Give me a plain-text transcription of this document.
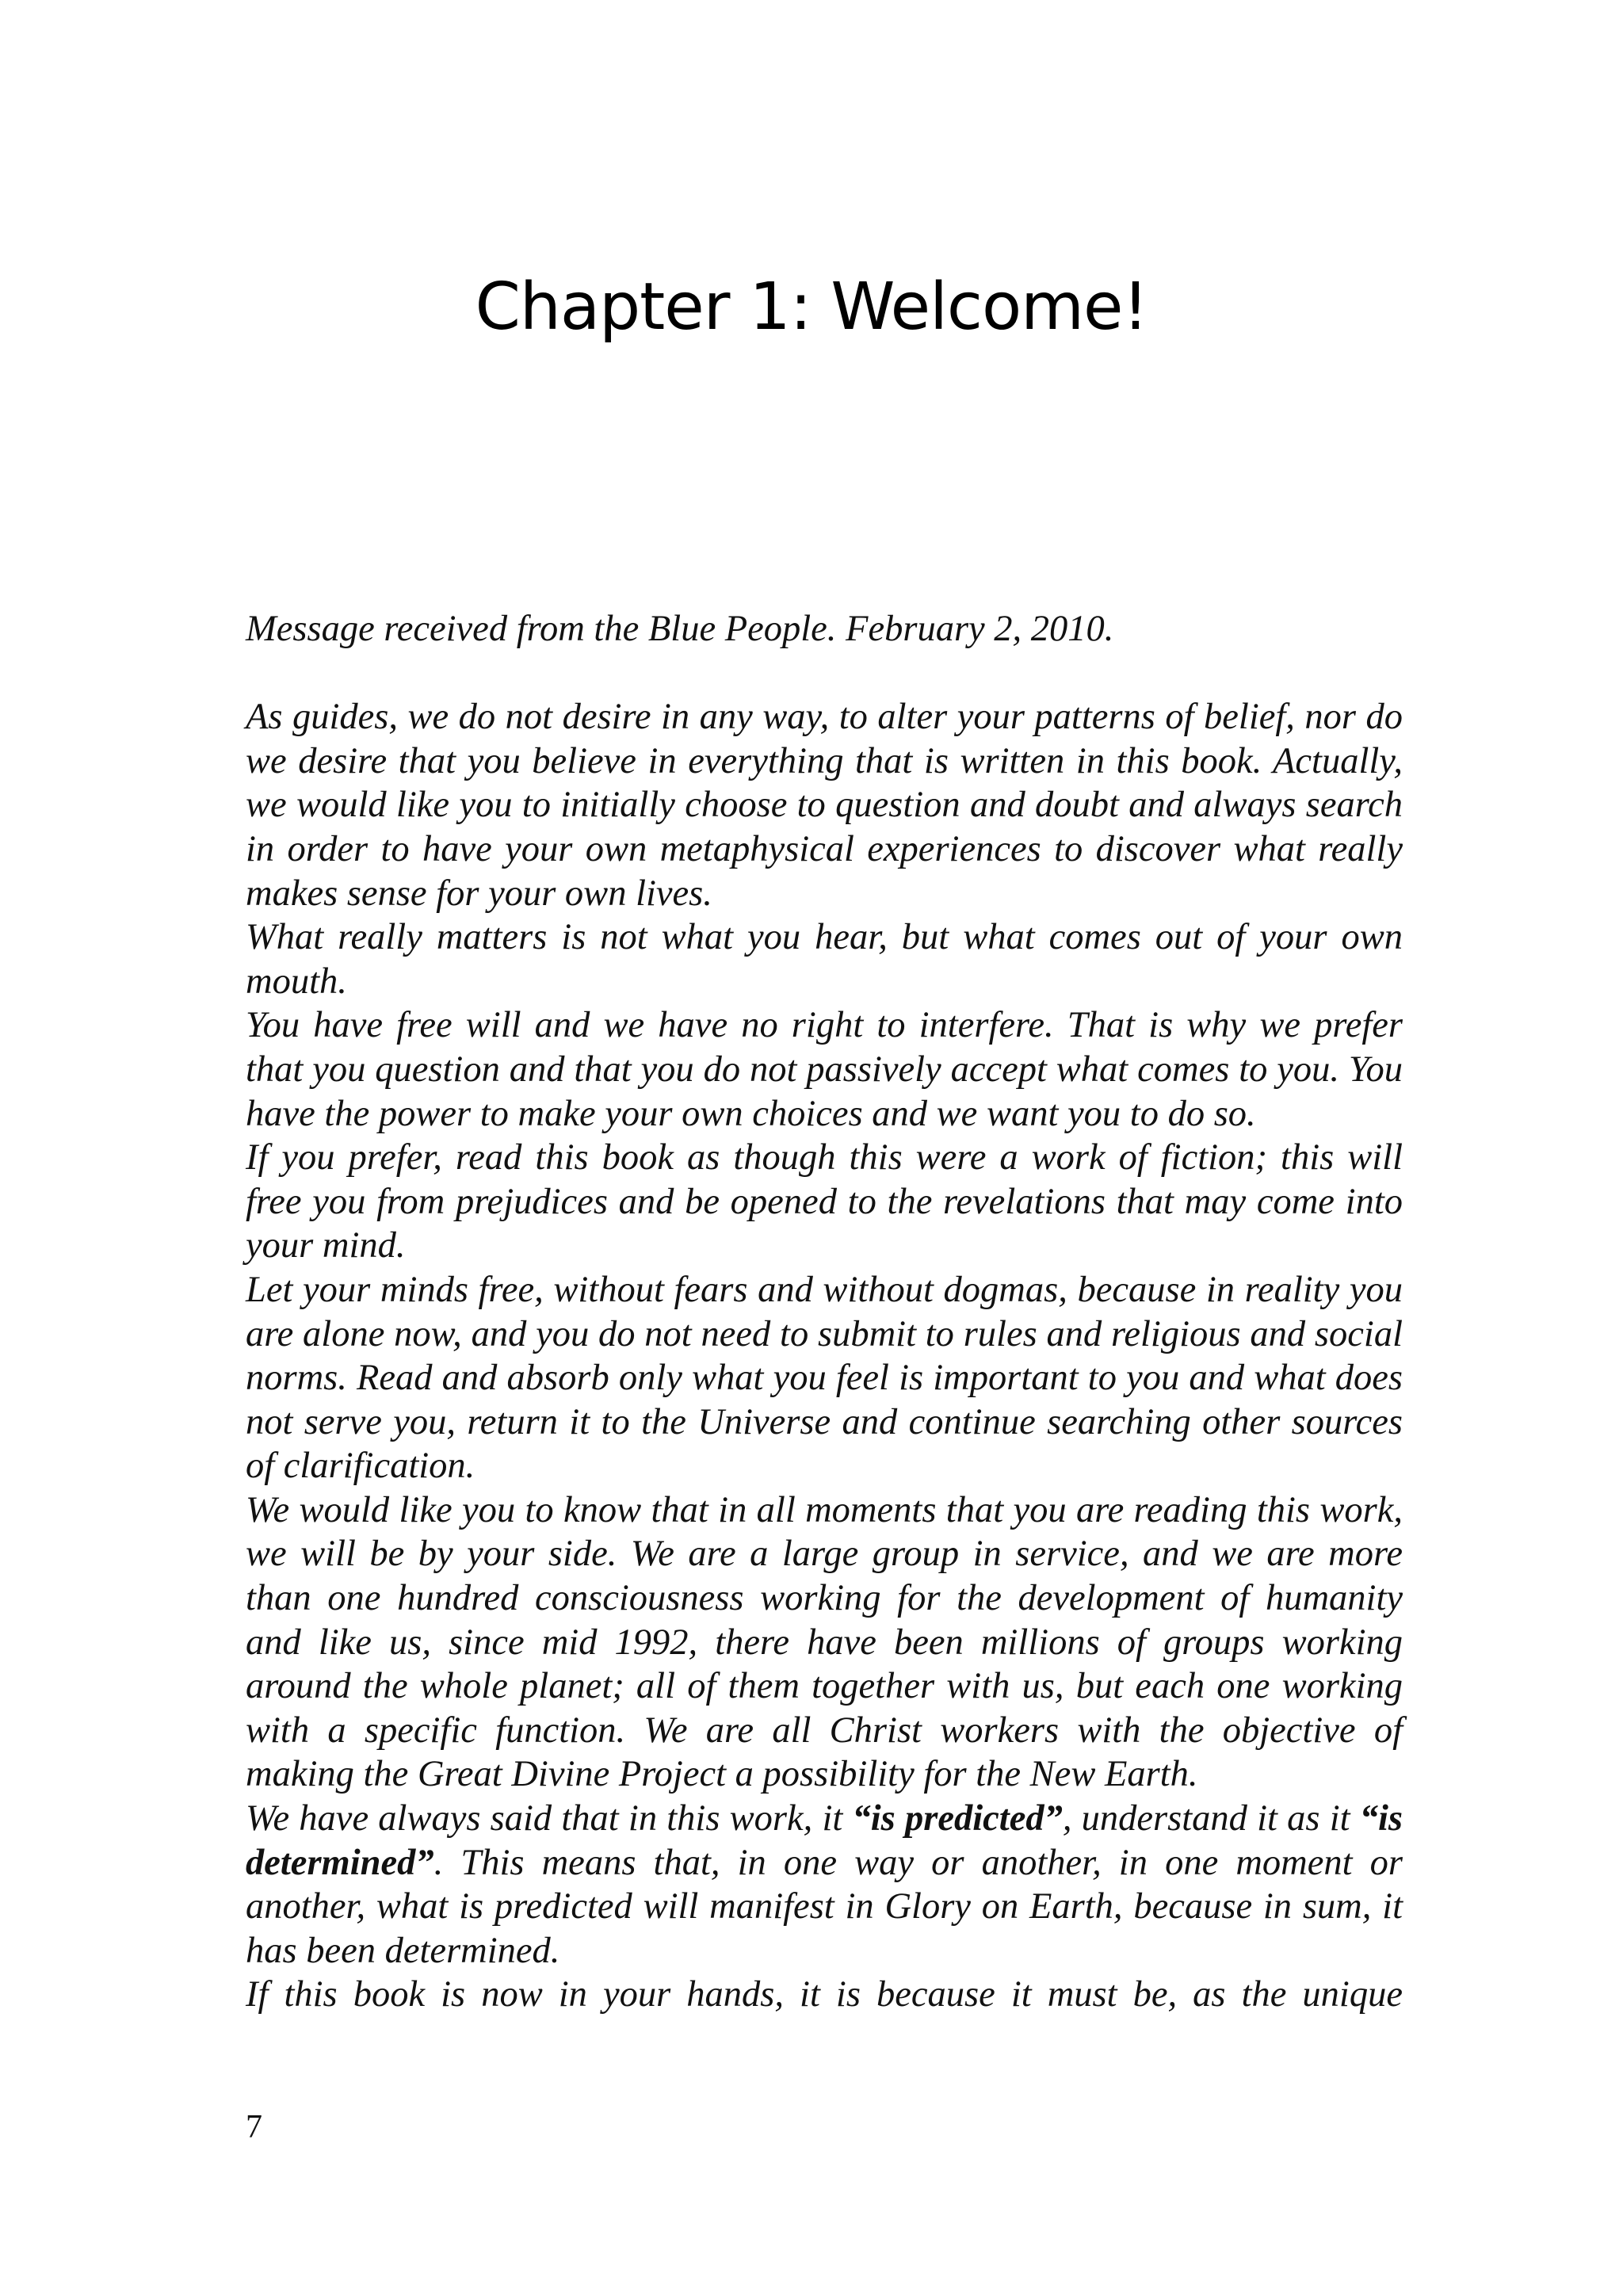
Chapter 1: Welcome!

Message received from the Blue People. February 2, 2010.

As guides, we do not desire in any way, to alter your patterns of belief, nor do we desire that you believe in everything that is written in this book. Actually, we would like you to initially choose to question and doubt and always search in order to have your own metaphysical experiences to discover what really makes sense for your own lives.

What really matters is not what you hear, but what comes out of your own mouth.

You have free will and we have no right to interfere. That is why we prefer that you question and that you do not passively accept what comes to you. You have the power to make your own choices and we want you to do so.

If you prefer, read this book as though this were a work of fiction; this will free you from prejudices and be opened to the revelations that may come into your mind.

Let your minds free, without fears and without dogmas, because in reality you are alone now, and you do not need to submit to rules and religious and social norms. Read and absorb only what you feel is important to you and what does not serve you, return it to the Universe and continue searching other sources of clarification.

We would like you to know that in all moments that you are reading this work, we will be by your side. We are a large group in service, and we are more than one hundred consciousness working for the development of humanity and like us, since mid 1992, there have been millions of groups working around the whole planet; all of them together with us, but each one working with a specific function. We are all Christ workers with the objective of making the Great Divine Project a possibility for the New Earth.

We have always said that in this work, it “is predicted”, understand it as it “is determined”. This means that, in one way or another, in one moment or another, what is predicted will manifest in Glory on Earth, because in sum, it has been determined.

If this book is now in your hands, it is because it must be, as the unique

7
